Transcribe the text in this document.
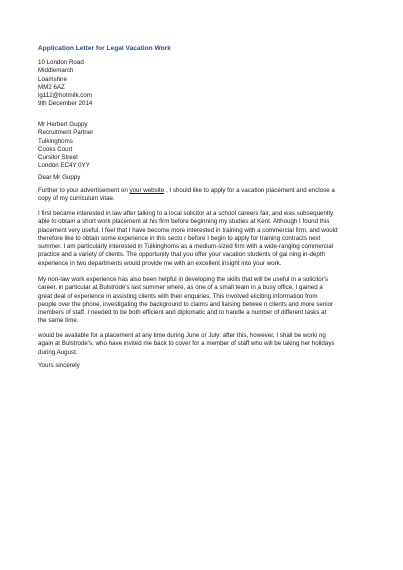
Application Letter for Legal Vacation Work
10 London Road
Middlemarch
Loamshire
MM2 6AZ
lg112@hotmilk.com
9th December 2014
Mr Herbert Guppy
Recruitment Partner
Tulkinghoms
Cooks Court
Cursitor Street
London EC4Y 0YY
Dear Mr Guppy
Further to your advertisement on your website , I should like to apply for a vacation placement and enclose a
copy of my curriculum vitae.
I first became interested in law after talking to a local solicitor at a school careers fair, and was subsequently
able to obtain a short work placement at his firm before beginning my studies at Kent. Although I found this
placement very useful, I feel that I have become more interested in training with a commercial firm, and would
therefore like to obtain some experience in this secto r before I begin to apply for training contracts next
summer. I am particularly interested in Tulkinghoms as a medium-sized firm with a wide-ranging commercial
practice and a variety of clients. The opportunity that you offer your vacation students of gai ning in-depth
experience in two departments would provide me with an excellent insight into your work.
My non-law work experience has also been helpful in developing the skills that will be useful in a solicitor's
career, in particular at Bulstrode's last summer where, as one of a small team in a busy office, I gained a
great deal of experience in assisting clients with their enquiries. This involved eliciting information from
people over the phone, investigating the background to claims and liaising betwee n clients and more senior
members of staff. I needed to be both efficient and diplomatic and to handle a number of different tasks at
the same time.
would be available for a placement at any time during June or July: after this, however, I shall be worki ng
again at Bulstrode's, who have invited me back to cover for a member of staff who will be taking her holidays
during August.
Yours sincerely
